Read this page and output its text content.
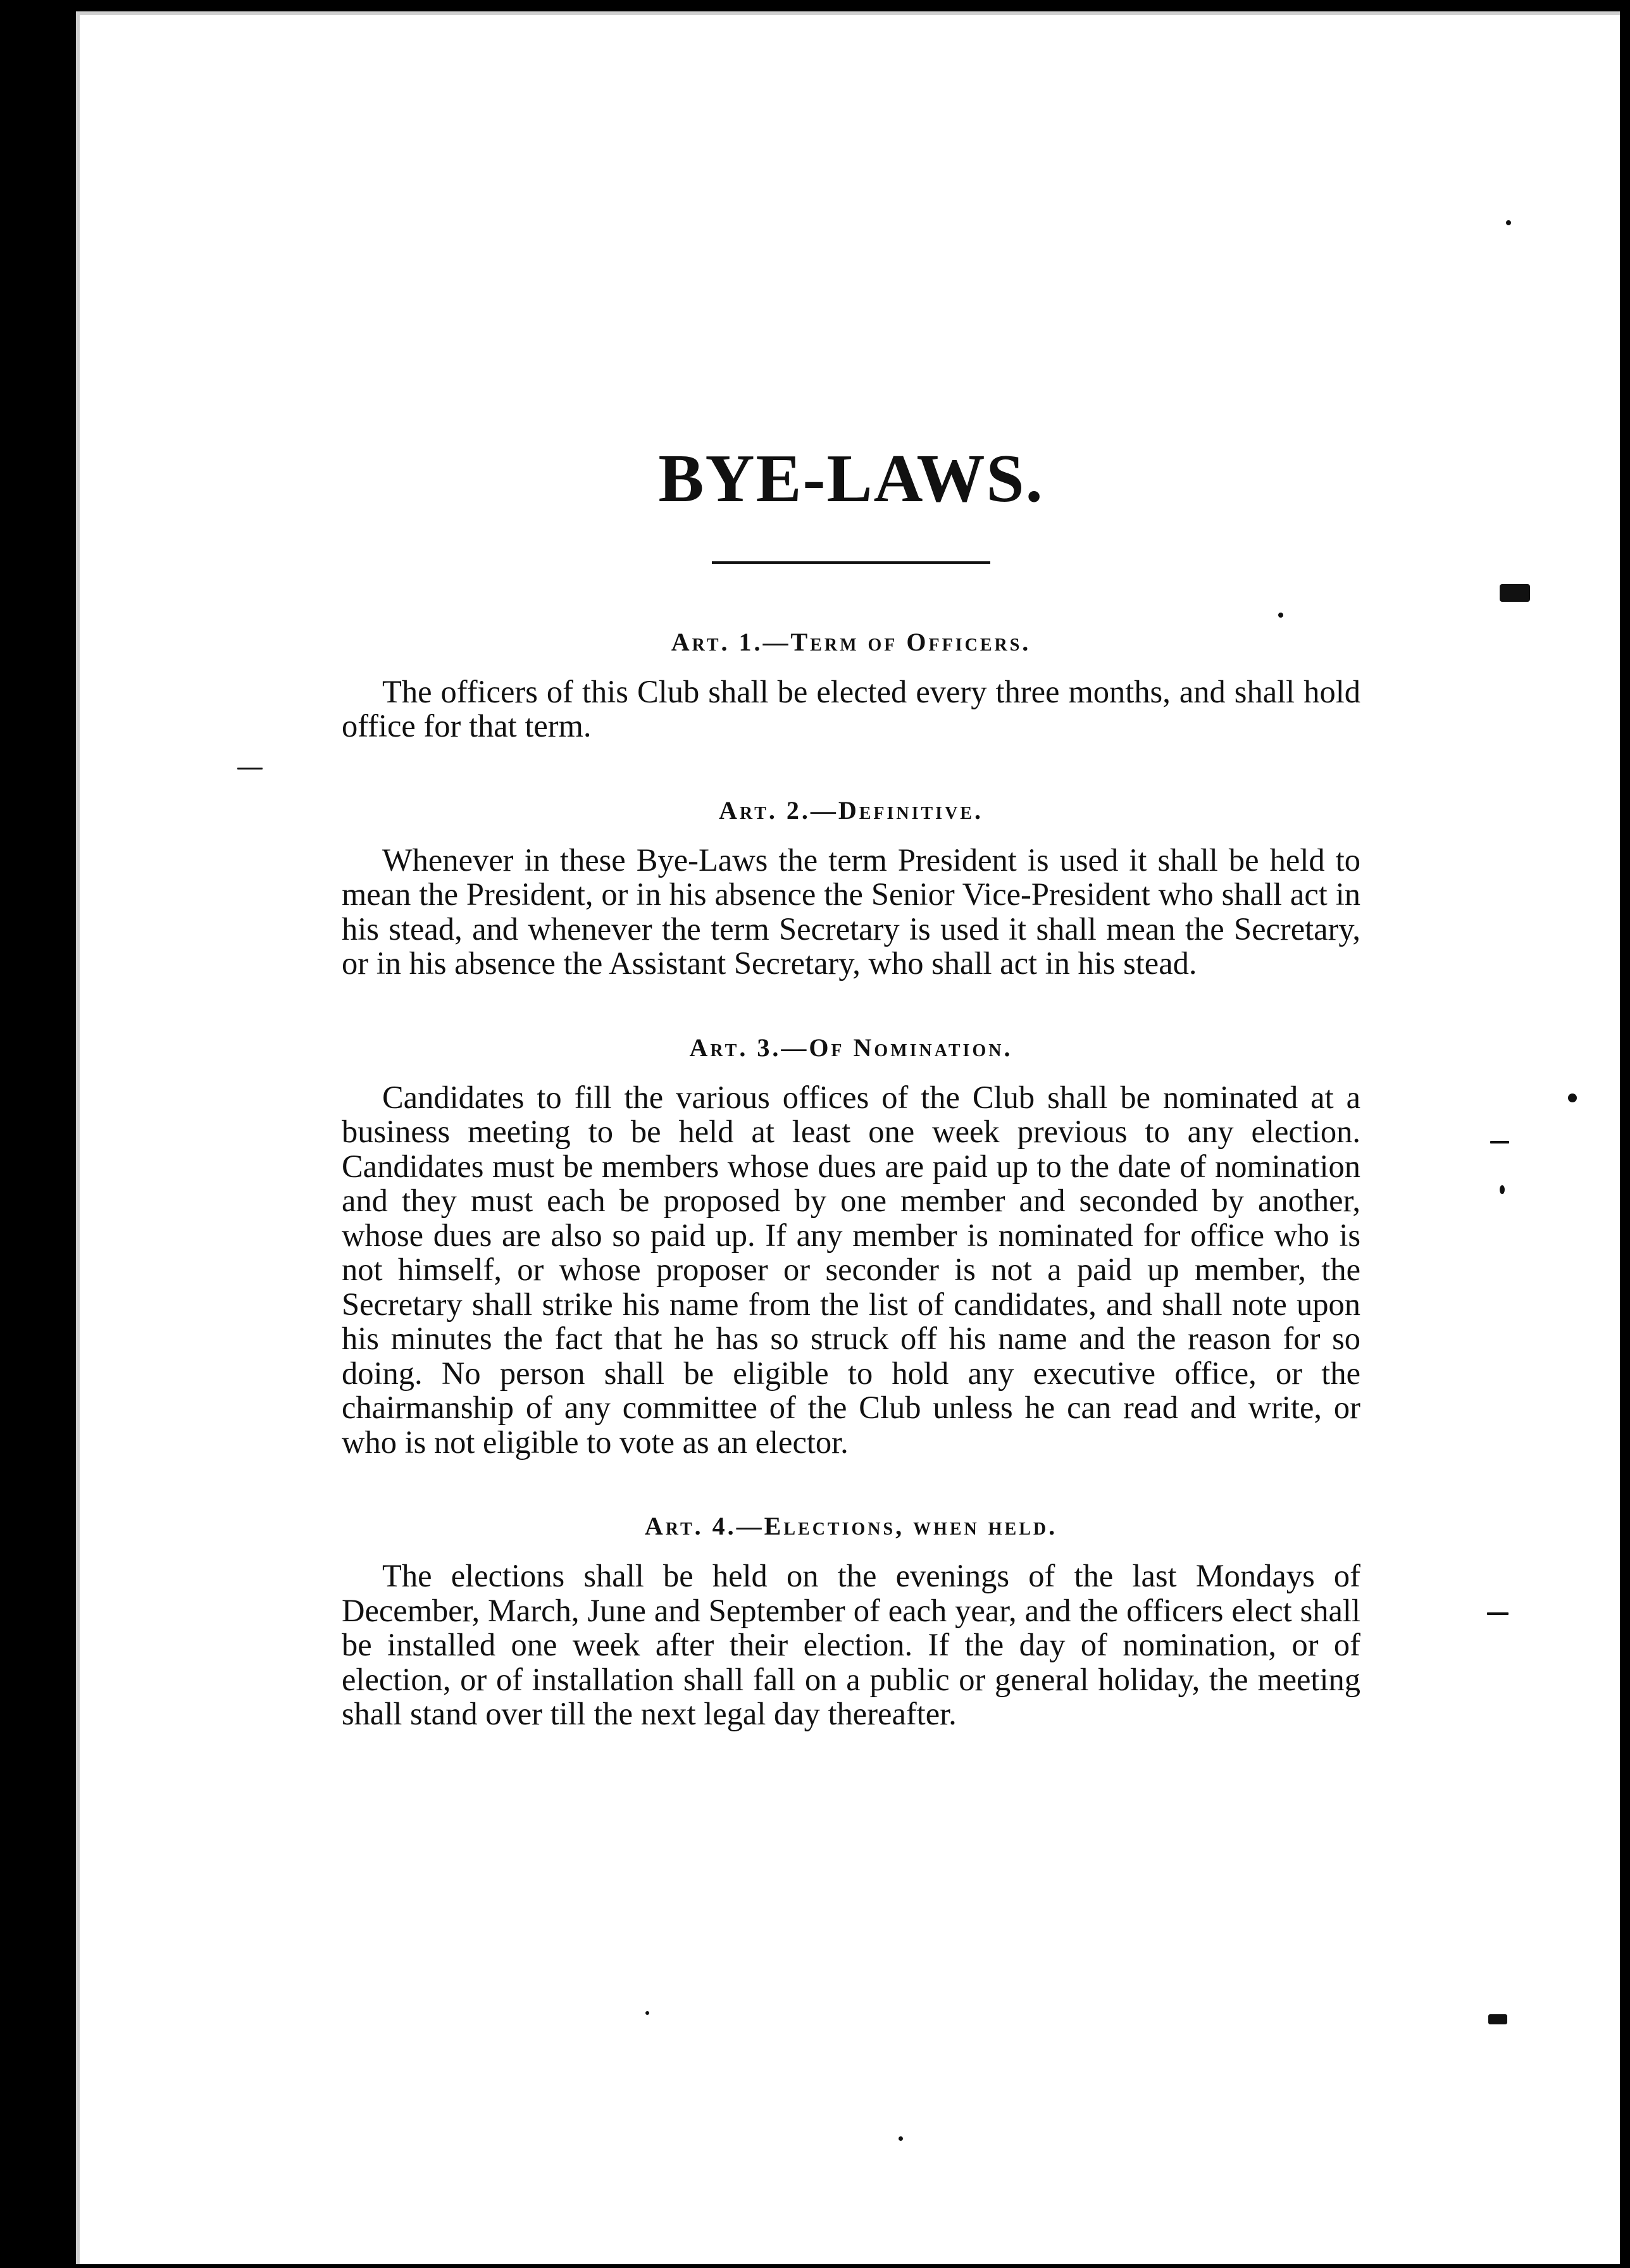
BYE-LAWS.
Art. 1.—Term of Officers.

The officers of this Club shall be elected every three months, and shall hold office for that term.

Art. 2.—Definitive.

Whenever in these Bye-Laws the term President is used it shall be held to mean the President, or in his absence the Senior Vice-President who shall act in his stead, and whenever the term Secretary is used it shall mean the Secretary, or in his absence the Assistant Secretary, who shall act in his stead.

Art. 3.—Of Nomination.

Candidates to fill the various offices of the Club shall be nominated at a business meeting to be held at least one week previous to any election. Candidates must be members whose dues are paid up to the date of nomination and they must each be proposed by one member and seconded by another, whose dues are also so paid up. If any member is nominated for office who is not himself, or whose proposer or seconder is not a paid up member, the Secretary shall strike his name from the list of candidates, and shall note upon his minutes the fact that he has so struck off his name and the reason for so doing. No person shall be eligible to hold any executive office, or the chairmanship of any committee of the Club unless he can read and write, or who is not eligible to vote as an elector.

Art. 4.—Elections, when held.

The elections shall be held on the evenings of the last Mondays of December, March, June and September of each year, and the officers elect shall be installed one week after their election. If the day of nomination, or of election, or of installation shall fall on a public or general holiday, the meeting shall stand over till the next legal day thereafter.
